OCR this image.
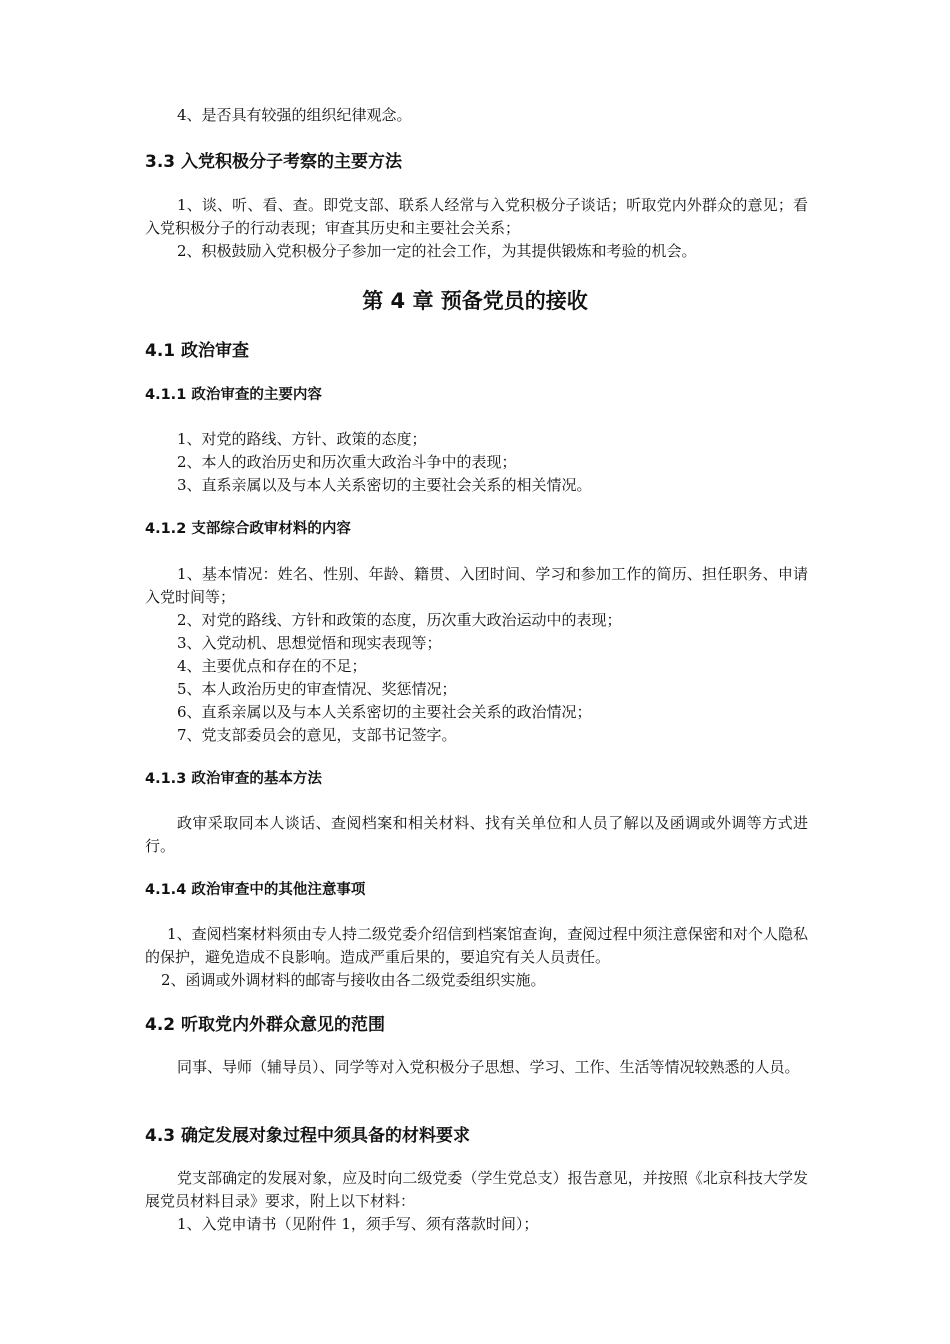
4、是否具有较强的组织纪律观念。

3.3 入党积极分子考察的主要方法

1、谈、听、看、查。即党支部、联系人经常与入党积极分子谈话；听取党内外群众的意见；看入党积极分子的行动表现；审查其历史和主要社会关系；

2、积极鼓励入党积极分子参加一定的社会工作，为其提供锻炼和考验的机会。

第 4 章 预备党员的接收
4.1 政治审查
4.1.1 政治审查的主要内容

1、对党的路线、方针、政策的态度；

2、本人的政治历史和历次重大政治斗争中的表现；

3、直系亲属以及与本人关系密切的主要社会关系的相关情况。

4.1.2 支部综合政审材料的内容

1、基本情况：姓名、性别、年龄、籍贯、入团时间、学习和参加工作的简历、担任职务、申请入党时间等；

2、对党的路线、方针和政策的态度，历次重大政治运动中的表现；

3、入党动机、思想觉悟和现实表现等；

4、主要优点和存在的不足；

5、本人政治历史的审查情况、奖惩情况；

6、直系亲属以及与本人关系密切的主要社会关系的政治情况；

7、党支部委员会的意见，支部书记签字。

4.1.3 政治审查的基本方法

政审采取同本人谈话、查阅档案和相关材料、找有关单位和人员了解以及函调或外调等方式进行。

4.1.4 政治审查中的其他注意事项

1、查阅档案材料须由专人持二级党委介绍信到档案馆查询，查阅过程中须注意保密和对个人隐私的保护，避免造成不良影响。造成严重后果的，要追究有关人员责任。

2、函调或外调材料的邮寄与接收由各二级党委组织实施。

4.2 听取党内外群众意见的范围

同事、导师（辅导员）、同学等对入党积极分子思想、学习、工作、生活等情况较熟悉的人员。

4.3 确定发展对象过程中须具备的材料要求

党支部确定的发展对象，应及时向二级党委（学生党总支）报告意见，并按照《北京科技大学发展党员材料目录》要求，附上以下材料：

1、入党申请书（见附件 1，须手写、须有落款时间）；
